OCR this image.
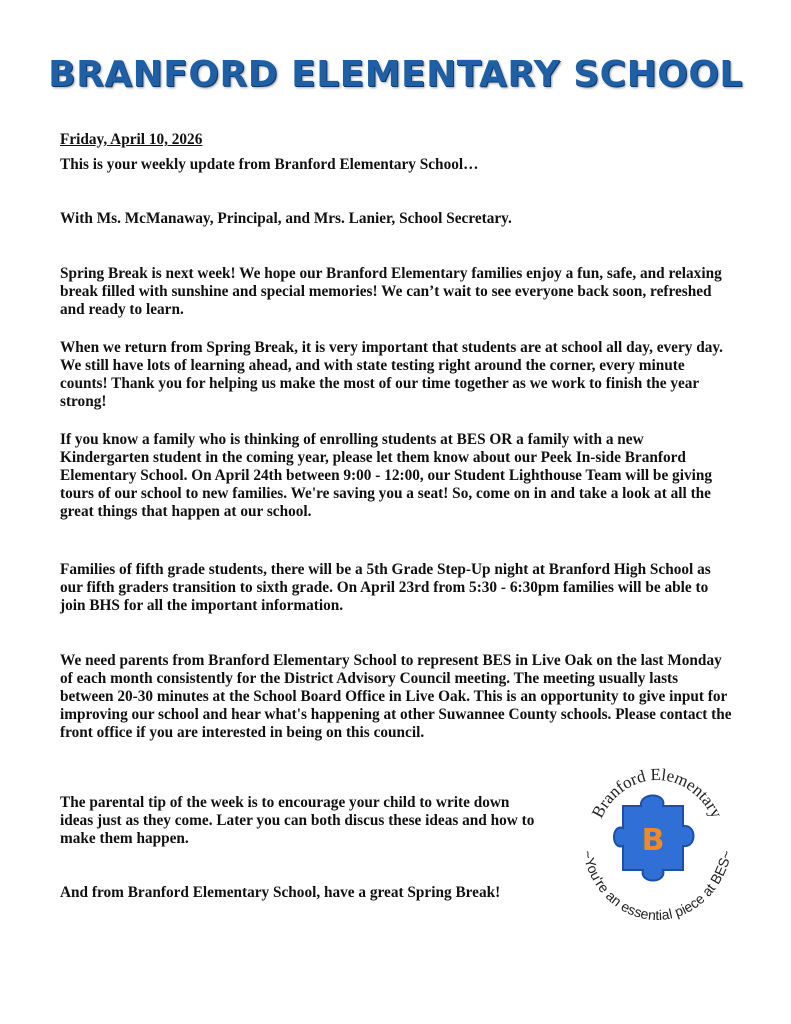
BRANFORD ELEMENTARY SCHOOL

Friday, April 10, 2026

This is your weekly update from Branford Elementary School…

With Ms. McManaway, Principal, and Mrs. Lanier, School Secretary.

Spring Break is next week! We hope our Branford Elementary families enjoy a fun, safe, and relaxing break filled with sunshine and special memories! We can’t wait to see everyone back soon, refreshed and ready to learn.

When we return from Spring Break, it is very important that students are at school all day, every day. We still have lots of learning ahead, and with state testing right around the corner, every minute counts! Thank you for helping us make the most of our time together as we work to finish the year strong!

If you know a family who is thinking of enrolling students at BES OR a family with a new Kindergarten student in the coming year, please let them know about our Peek In-side Branford Elementary School. On April 24th between 9:00 - 12:00, our Student Lighthouse Team will be giving tours of our school to new families. We're saving you a seat! So, come on in and take a look at all the great things that happen at our school.

Families of fifth grade students, there will be a 5th Grade Step-Up night at Branford High School as our fifth graders transition to sixth grade. On April 23rd from 5:30 - 6:30pm families will be able to join BHS for all the important information.

We need parents from Branford Elementary School to represent BES in Live Oak on the last Monday of each month consistently for the District Advisory Council meeting. The meeting usually lasts between 20-30 minutes at the School Board Office in Live Oak. This is an opportunity to give input for improving our school and hear what's happening at other Suwannee County schools. Please contact the front office if you are interested in being on this council.

The parental tip of the week is to encourage your child to write down ideas just as they come. Later you can both discus these ideas and how to make them happen.

And from Branford Elementary School, have a great Spring Break!

Branford Elementary
~You're an essential piece at BES~
B
